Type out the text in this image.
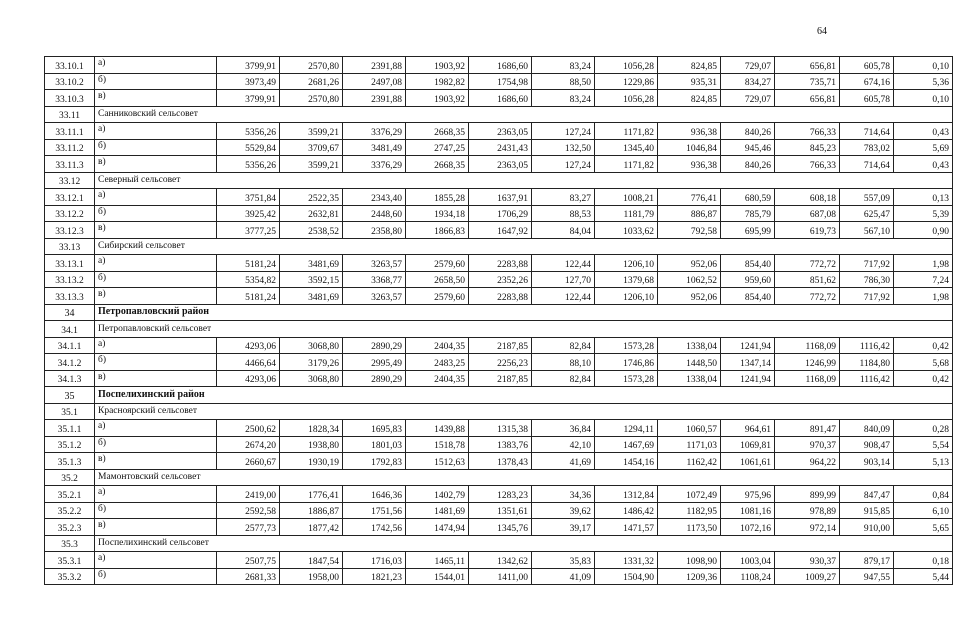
64
33.10.1	а)	3799,91	2570,80	2391,88	1903,92	1686,60	83,24	1056,28	824,85	729,07	656,81	605,78	0,10
33.10.2	б)	3973,49	2681,26	2497,08	1982,82	1754,98	88,50	1229,86	935,31	834,27	735,71	674,16	5,36
33.10.3	в)	3799,91	2570,80	2391,88	1903,92	1686,60	83,24	1056,28	824,85	729,07	656,81	605,78	0,10
33.11	Санниковский сельсовет												
33.11.1	а)	5356,26	3599,21	3376,29	2668,35	2363,05	127,24	1171,82	936,38	840,26	766,33	714,64	0,43
33.11.2	б)	5529,84	3709,67	3481,49	2747,25	2431,43	132,50	1345,40	1046,84	945,46	845,23	783,02	5,69
33.11.3	в)	5356,26	3599,21	3376,29	2668,35	2363,05	127,24	1171,82	936,38	840,26	766,33	714,64	0,43
33.12	Северный сельсовет												
33.12.1	а)	3751,84	2522,35	2343,40	1855,28	1637,91	83,27	1008,21	776,41	680,59	608,18	557,09	0,13
33.12.2	б)	3925,42	2632,81	2448,60	1934,18	1706,29	88,53	1181,79	886,87	785,79	687,08	625,47	5,39
33.12.3	в)	3777,25	2538,52	2358,80	1866,83	1647,92	84,04	1033,62	792,58	695,99	619,73	567,10	0,90
33.13	Сибирский сельсовет												
33.13.1	а)	5181,24	3481,69	3263,57	2579,60	2283,88	122,44	1206,10	952,06	854,40	772,72	717,92	1,98
33.13.2	б)	5354,82	3592,15	3368,77	2658,50	2352,26	127,70	1379,68	1062,52	959,60	851,62	786,30	7,24
33.13.3	в)	5181,24	3481,69	3263,57	2579,60	2283,88	122,44	1206,10	952,06	854,40	772,72	717,92	1,98
34	Петропавловский район												
34.1	Петропавловский сельсовет												
34.1.1	а)	4293,06	3068,80	2890,29	2404,35	2187,85	82,84	1573,28	1338,04	1241,94	1168,09	1116,42	0,42
34.1.2	б)	4466,64	3179,26	2995,49	2483,25	2256,23	88,10	1746,86	1448,50	1347,14	1246,99	1184,80	5,68
34.1.3	в)	4293,06	3068,80	2890,29	2404,35	2187,85	82,84	1573,28	1338,04	1241,94	1168,09	1116,42	0,42
35	Поспелихинский район												
35.1	Красноярский сельсовет												
35.1.1	а)	2500,62	1828,34	1695,83	1439,88	1315,38	36,84	1294,11	1060,57	964,61	891,47	840,09	0,28
35.1.2	б)	2674,20	1938,80	1801,03	1518,78	1383,76	42,10	1467,69	1171,03	1069,81	970,37	908,47	5,54
35.1.3	в)	2660,67	1930,19	1792,83	1512,63	1378,43	41,69	1454,16	1162,42	1061,61	964,22	903,14	5,13
35.2	Мамонтовский сельсовет												
35.2.1	а)	2419,00	1776,41	1646,36	1402,79	1283,23	34,36	1312,84	1072,49	975,96	899,99	847,47	0,84
35.2.2	б)	2592,58	1886,87	1751,56	1481,69	1351,61	39,62	1486,42	1182,95	1081,16	978,89	915,85	6,10
35.2.3	в)	2577,73	1877,42	1742,56	1474,94	1345,76	39,17	1471,57	1173,50	1072,16	972,14	910,00	5,65
35.3	Поспелихинский сельсовет												
35.3.1	а)	2507,75	1847,54	1716,03	1465,11	1342,62	35,83	1331,32	1098,90	1003,04	930,37	879,17	0,18
35.3.2	б)	2681,33	1958,00	1821,23	1544,01	1411,00	41,09	1504,90	1209,36	1108,24	1009,27	947,55	5,44
